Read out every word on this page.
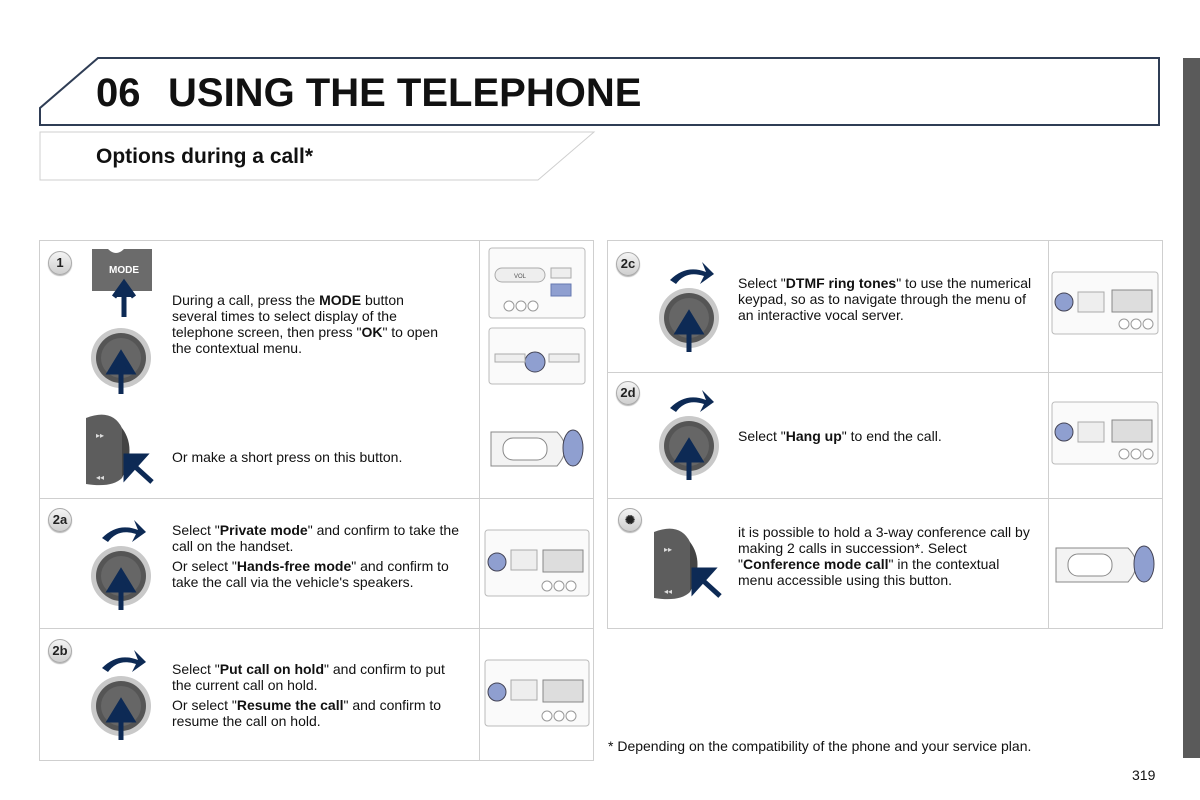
06 USING THE TELEPHONE
Options during a call*
1
MODE

During a call, press the MODE button several times to select display of the telephone screen, then press "OK" to open the contextual menu.

▸▸
◂◂
Or make a short press on this button.
VOL
2a

Select "Private mode" and confirm to take the call on the handset.

Or select "Hands-free mode" and confirm to take the call via the vehicle's speakers.

2b

Select "Put call on hold" and confirm to put the current call on hold.

Or select "Resume the call" and confirm to resume the call on hold.

2c

Select "DTMF ring tones" to use the numerical keypad, so as to navigate through the menu of an interactive vocal server.

2d

Select "Hang up" to end the call.

✺
▸▸
◂◂

it is possible to hold a 3-way conference call by making 2 calls in succession*. Select "Conference mode call" in the contextual menu accessible using this button.

* Depending on the compatibility of the phone and your service plan.
319
